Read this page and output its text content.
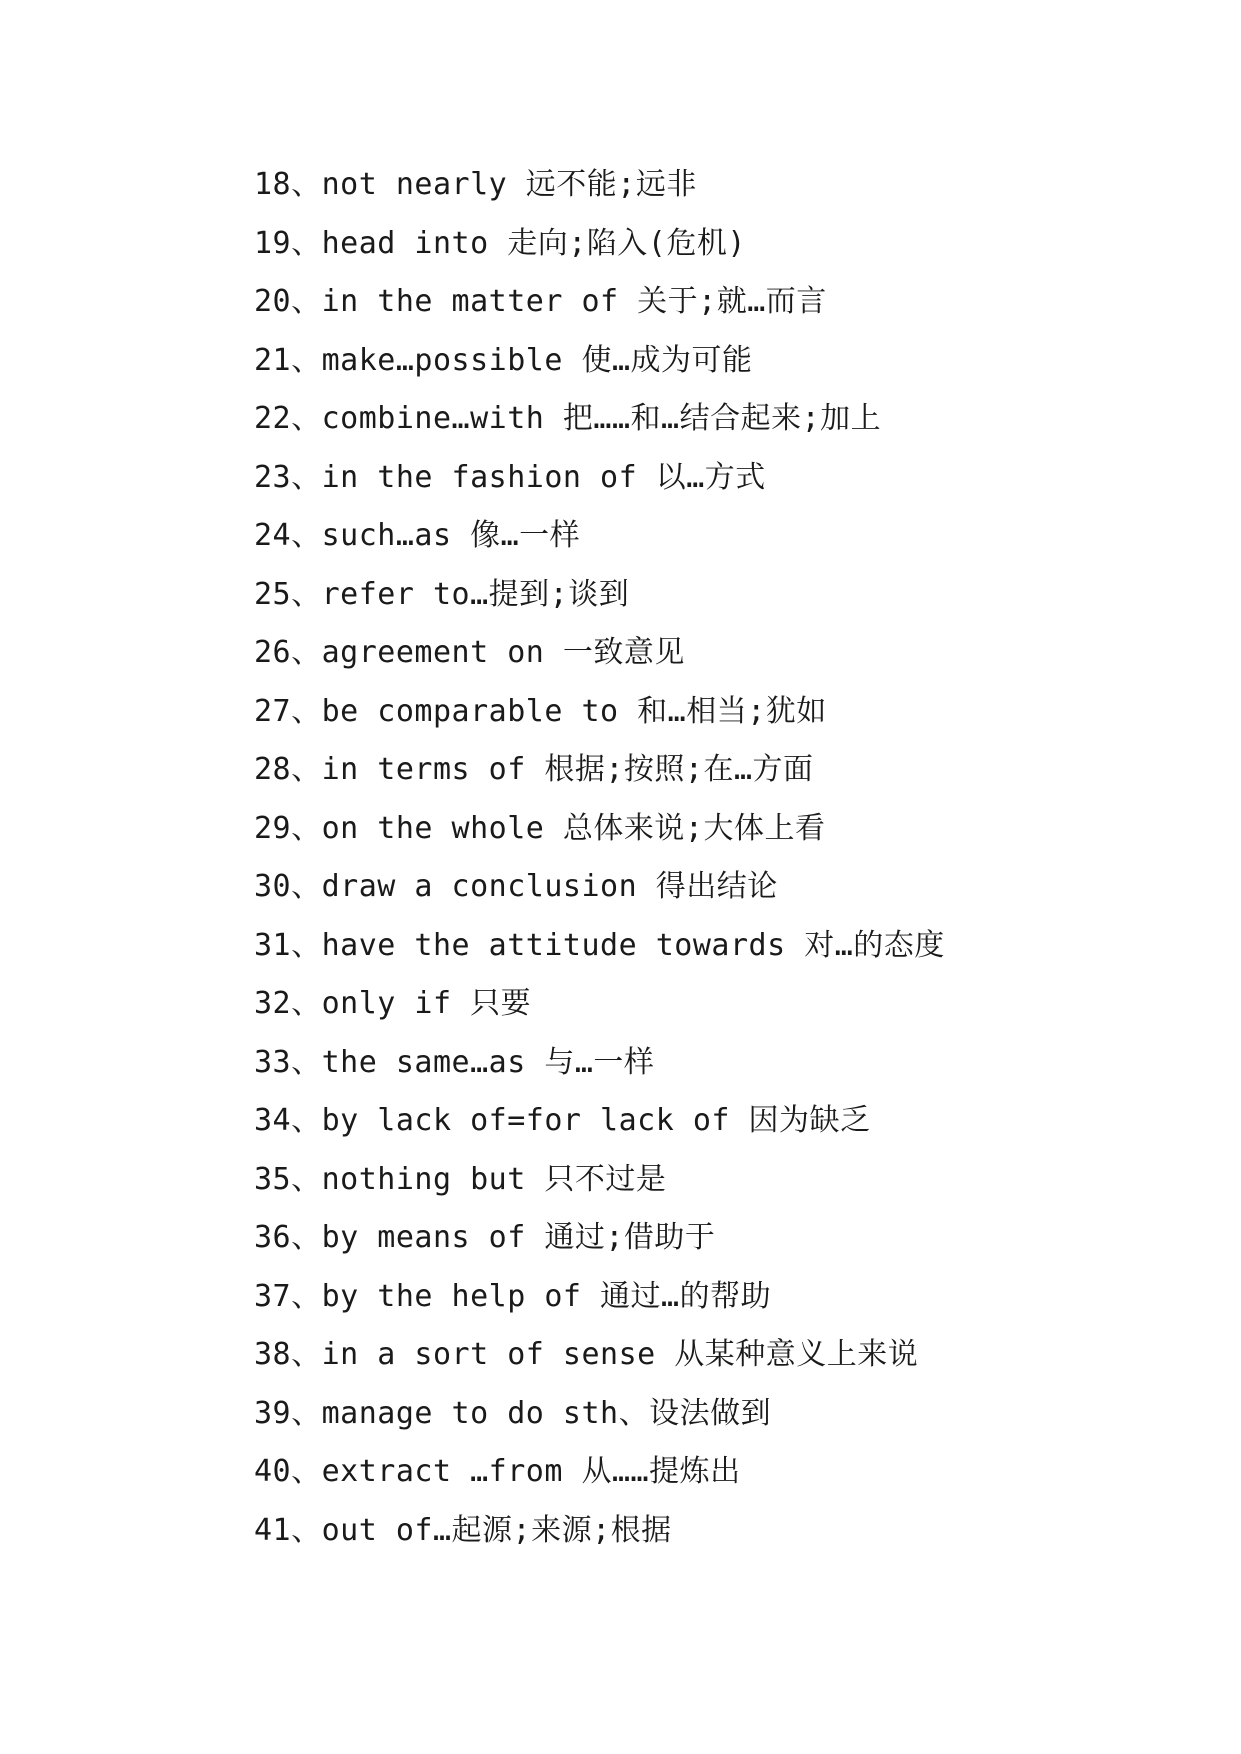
18、not nearly 远不能;远非
19、head into 走向;陷入(危机)
20、in the matter of 关于;就…而言
21、make…possible 使…成为可能
22、combine…with 把……和…结合起来;加上
23、in the fashion of 以…方式
24、such…as 像…一样
25、refer to…提到;谈到
26、agreement on 一致意见
27、be comparable to 和…相当;犹如
28、in terms of 根据;按照;在…方面
29、on the whole 总体来说;大体上看
30、draw a conclusion 得出结论
31、have the attitude towards 对…的态度
32、only if 只要
33、the same…as 与…一样
34、by lack of=for lack of 因为缺乏
35、nothing but 只不过是
36、by means of 通过;借助于
37、by the help of 通过…的帮助
38、in a sort of sense 从某种意义上来说
39、manage to do sth、设法做到
40、extract …from 从……提炼出
41、out of…起源;来源;根据
